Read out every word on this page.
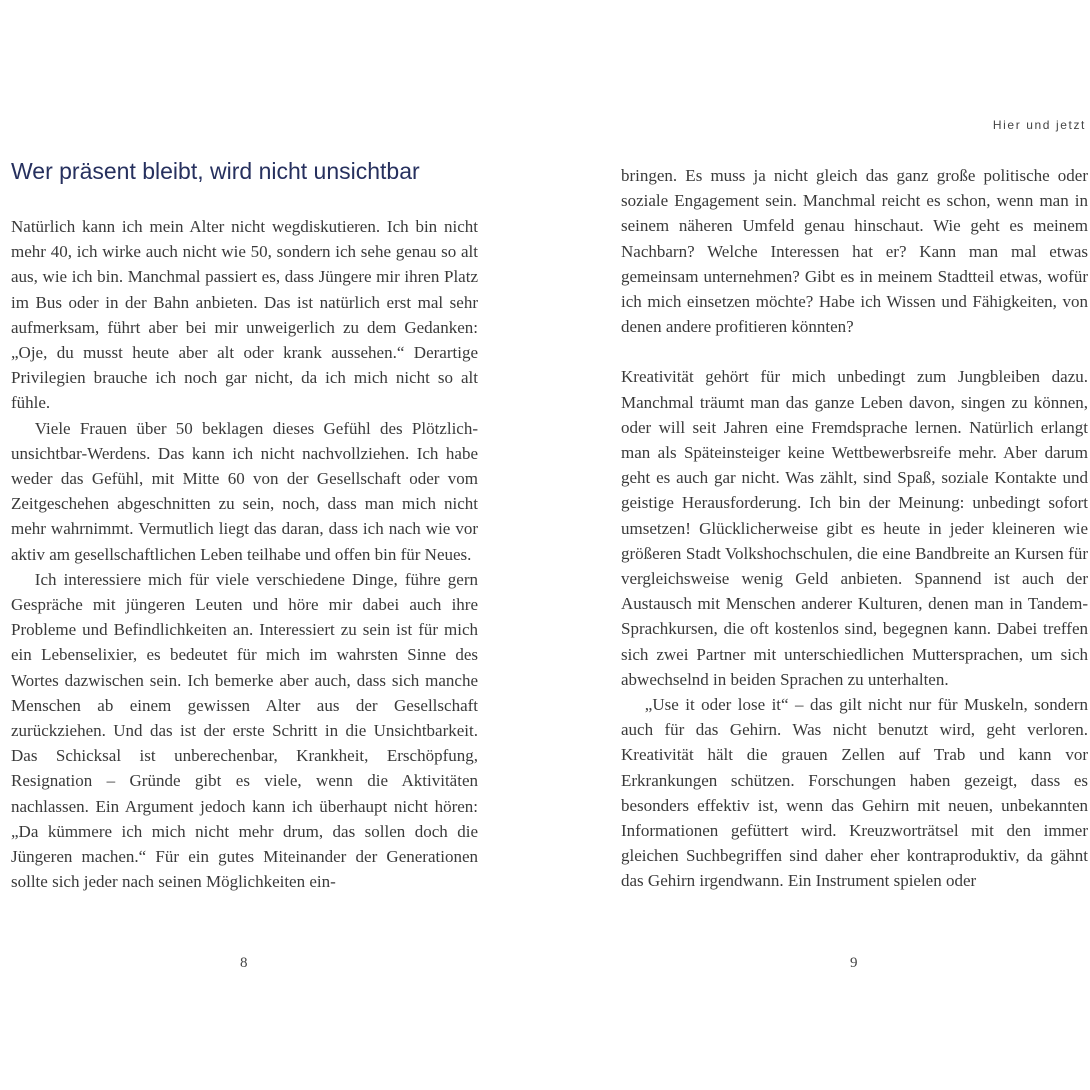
Wer präsent bleibt, wird nicht unsichtbar

Natürlich kann ich mein Alter nicht wegdiskutieren. Ich bin nicht mehr 40, ich wirke auch nicht wie 50, sondern ich sehe genau so alt aus, wie ich bin. Manchmal passiert es, dass Jüngere mir ihren Platz im Bus oder in der Bahn anbieten. Das ist natürlich erst mal sehr aufmerksam, führt aber bei mir unweigerlich zu dem Gedanken: „Oje, du musst heute aber alt oder krank aussehen.“ Derartige Privilegien brauche ich noch gar nicht, da ich mich nicht so alt fühle.

Viele Frauen über 50 beklagen dieses Gefühl des Plötzlich-unsichtbar-Werdens. Das kann ich nicht nachvollziehen. Ich habe weder das Gefühl, mit Mitte 60 von der Gesellschaft oder vom Zeitgeschehen abgeschnitten zu sein, noch, dass man mich nicht mehr wahrnimmt. Vermutlich liegt das daran, dass ich nach wie vor aktiv am gesellschaftlichen Leben teilhabe und offen bin für Neues.

Ich interessiere mich für viele verschiedene Dinge, führe gern Gespräche mit jüngeren Leuten und höre mir dabei auch ihre Probleme und Befindlichkeiten an. Interessiert zu sein ist für mich ein Lebenselixier, es bedeutet für mich im wahrsten Sinne des Wortes dazwischen sein. Ich bemerke aber auch, dass sich manche Menschen ab einem gewissen Alter aus der Gesellschaft zurückziehen. Und das ist der erste Schritt in die Unsichtbarkeit. Das Schicksal ist unberechenbar, Krankheit, Erschöpfung, Resignation – Gründe gibt es viele, wenn die Aktivitäten nachlassen. Ein Argument jedoch kann ich überhaupt nicht hören: „Da kümmere ich mich nicht mehr drum, das sollen doch die Jüngeren machen.“ Für ein gutes Miteinander der Generationen sollte sich jeder nach seinen Möglichkeiten ein-

8
Hier und jetzt

bringen. Es muss ja nicht gleich das ganz große politische oder soziale Engagement sein. Manchmal reicht es schon, wenn man in seinem näheren Umfeld genau hinschaut. Wie geht es meinem Nachbarn? Welche Interessen hat er? Kann man mal etwas gemeinsam unternehmen? Gibt es in meinem Stadtteil etwas, wofür ich mich einsetzen möchte? Habe ich Wissen und Fähigkeiten, von denen andere profitieren könnten?

Kreativität gehört für mich unbedingt zum Jungbleiben dazu. Manchmal träumt man das ganze Leben davon, singen zu können, oder will seit Jahren eine Fremdsprache lernen. Natürlich erlangt man als Späteinsteiger keine Wettbewerbsreife mehr. Aber darum geht es auch gar nicht. Was zählt, sind Spaß, soziale Kontakte und geistige Herausforderung. Ich bin der Meinung: unbedingt sofort umsetzen! Glücklicherweise gibt es heute in jeder kleineren wie größeren Stadt Volkshochschulen, die eine Bandbreite an Kursen für vergleichsweise wenig Geld anbieten. Spannend ist auch der Austausch mit Menschen anderer Kulturen, denen man in Tandem-Sprachkursen, die oft kostenlos sind, begegnen kann. Dabei treffen sich zwei Partner mit unterschiedlichen Muttersprachen, um sich abwechselnd in beiden Sprachen zu unterhalten.

„Use it oder lose it“ – das gilt nicht nur für Muskeln, sondern auch für das Gehirn. Was nicht benutzt wird, geht verloren. Kreativität hält die grauen Zellen auf Trab und kann vor Erkrankungen schützen. Forschungen haben gezeigt, dass es besonders effektiv ist, wenn das Gehirn mit neuen, unbekannten Informationen gefüttert wird. Kreuzworträtsel mit den immer gleichen Suchbegriffen sind daher eher kontraproduktiv, da gähnt das Gehirn irgendwann. Ein Instrument spielen oder

9
